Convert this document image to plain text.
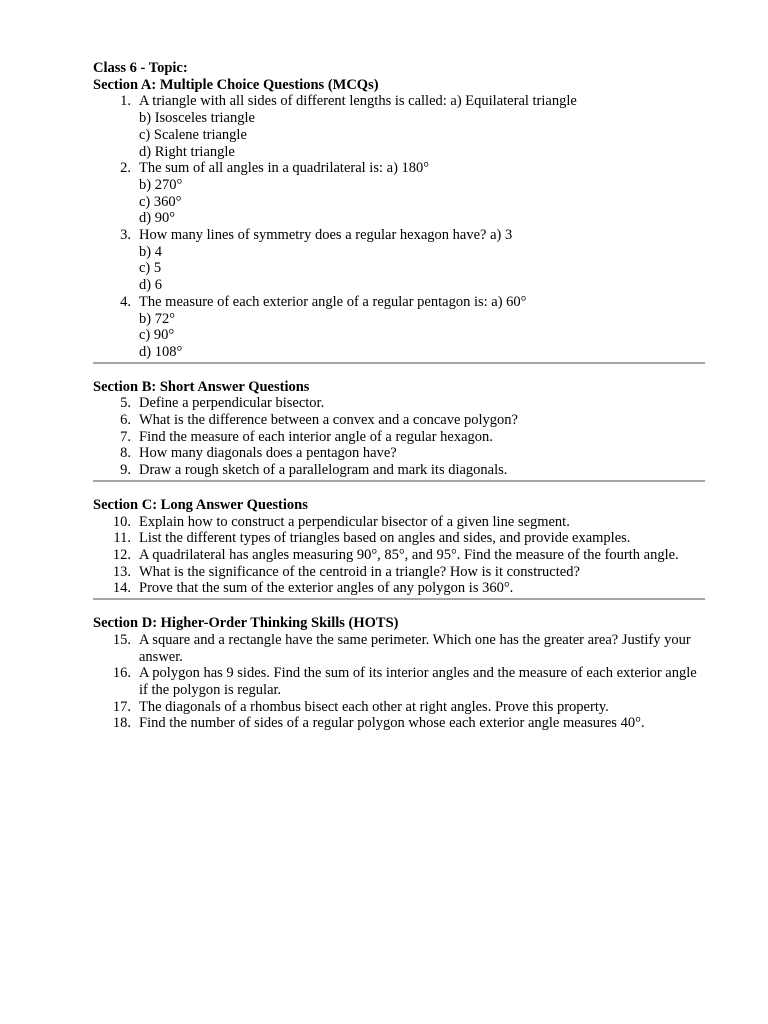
Class 6 - Topic:

Section A: Multiple Choice Questions (MCQs)

1. A triangle with all sides of different lengths is called: a) Equilateral triangle

b) Isosceles triangle

c) Scalene triangle

d) Right triangle

2. The sum of all angles in a quadrilateral is: a) 180°

b) 270°

c) 360°

d) 90°

3. How many lines of symmetry does a regular hexagon have? a) 3

b) 4

c) 5

d) 6

4. The measure of each exterior angle of a regular pentagon is: a) 60°

b) 72°

c) 90°

d) 108°

Section B: Short Answer Questions

5. Define a perpendicular bisector.

6. What is the difference between a convex and a concave polygon?

7. Find the measure of each interior angle of a regular hexagon.

8. How many diagonals does a pentagon have?

9. Draw a rough sketch of a parallelogram and mark its diagonals.

Section C: Long Answer Questions

10. Explain how to construct a perpendicular bisector of a given line segment.

11. List the different types of triangles based on angles and sides, and provide examples.

12. A quadrilateral has angles measuring 90°, 85°, and 95°. Find the measure of the fourth angle.

13. What is the significance of the centroid in a triangle? How is it constructed?

14. Prove that the sum of the exterior angles of any polygon is 360°.

Section D: Higher-Order Thinking Skills (HOTS)

15. A square and a rectangle have the same perimeter. Which one has the greater area? Justify your answer.

16. A polygon has 9 sides. Find the sum of its interior angles and the measure of each exterior angle if the polygon is regular.

17. The diagonals of a rhombus bisect each other at right angles. Prove this property.

18. Find the number of sides of a regular polygon whose each exterior angle measures 40°.
